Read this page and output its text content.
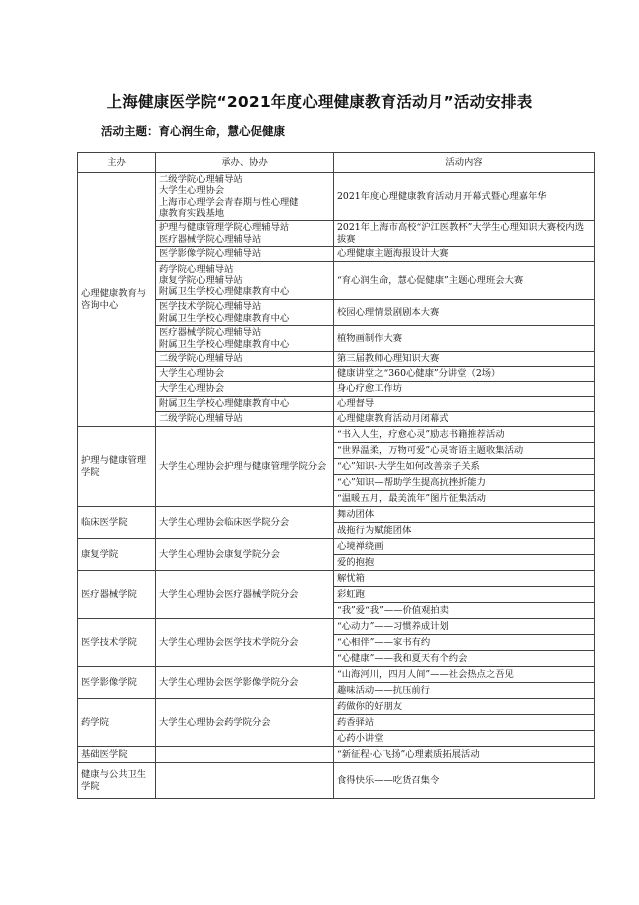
上海健康医学院“2021年度心理健康教育活动月”活动安排表
活动主题：育心润生命，慧心促健康
主办	承办、协办	活动内容
心理健康教育与咨询中心	二级学院心理辅导站
大学生心理协会
上海市心理学会青春期与性心理健
康教育实践基地	2021年度心理健康教育活动月开幕式暨心理嘉年华

	护理与健康管理学院心理辅导站
医疗器械学院心理辅导站	2021年上海市高校“沪江医教杯”大学生心理知识大赛校内选拔赛

	医学影像学院心理辅导站	心理健康主题海报设计大赛

	药学院心理辅导站
康复学院心理辅导站
附属卫生学校心理健康教育中心	“育心润生命，慧心促健康”主题心理班会大赛

	医学技术学院心理辅导站
附属卫生学校心理健康教育中心	校园心理情景剧剧本大赛

	医疗器械学院心理辅导站
附属卫生学校心理健康教育中心	植物画制作大赛

	二级学院心理辅导站	第三届教师心理知识大赛

	大学生心理协会	健康讲堂之“360心健康”分讲堂（2场）

	大学生心理协会	身心疗愈工作坊

	附属卫生学校心理健康教育中心	心理督导

	二级学院心理辅导站	心理健康教育活动月闭幕式
护理与健康管理学院	大学生心理协会护理与健康管理学院分会	“书入人生，疗愈心灵”励志书籍推荐活动
		“世界温柔，万物可爱”心灵寄语主题收集活动
		“心”知识-大学生如何改善亲子关系
		“心”知识—帮助学生提高抗挫折能力
		“温暖五月，最美流年”图片征集活动
临床医学院	大学生心理协会临床医学院分会	舞动团体
		战拖行为赋能团体
康复学院	大学生心理协会康复学院分会	心境禅绕画
		爱的抱抱
医疗器械学院	大学生心理协会医疗器械学院分会	解忧箱
		彩虹跑
		“我”爱“我”——价值观拍卖
医学技术学院	大学生心理协会医学技术学院分会	“心动力”——习惯养成计划
		“心相伴”——家书有约
		“心健康”——我和夏天有个约会
医学影像学院	大学生心理协会医学影像学院分会	“山海河川，四月人间”——社会热点之吾见
		趣味活动——抗压前行
药学院	大学生心理协会药学院分会	药做你的好朋友
		药香驿站
		心药小讲堂
基础医学院		“新征程·心飞扬”心理素质拓展活动
健康与公共卫生学院		食得快乐——吃货召集令
